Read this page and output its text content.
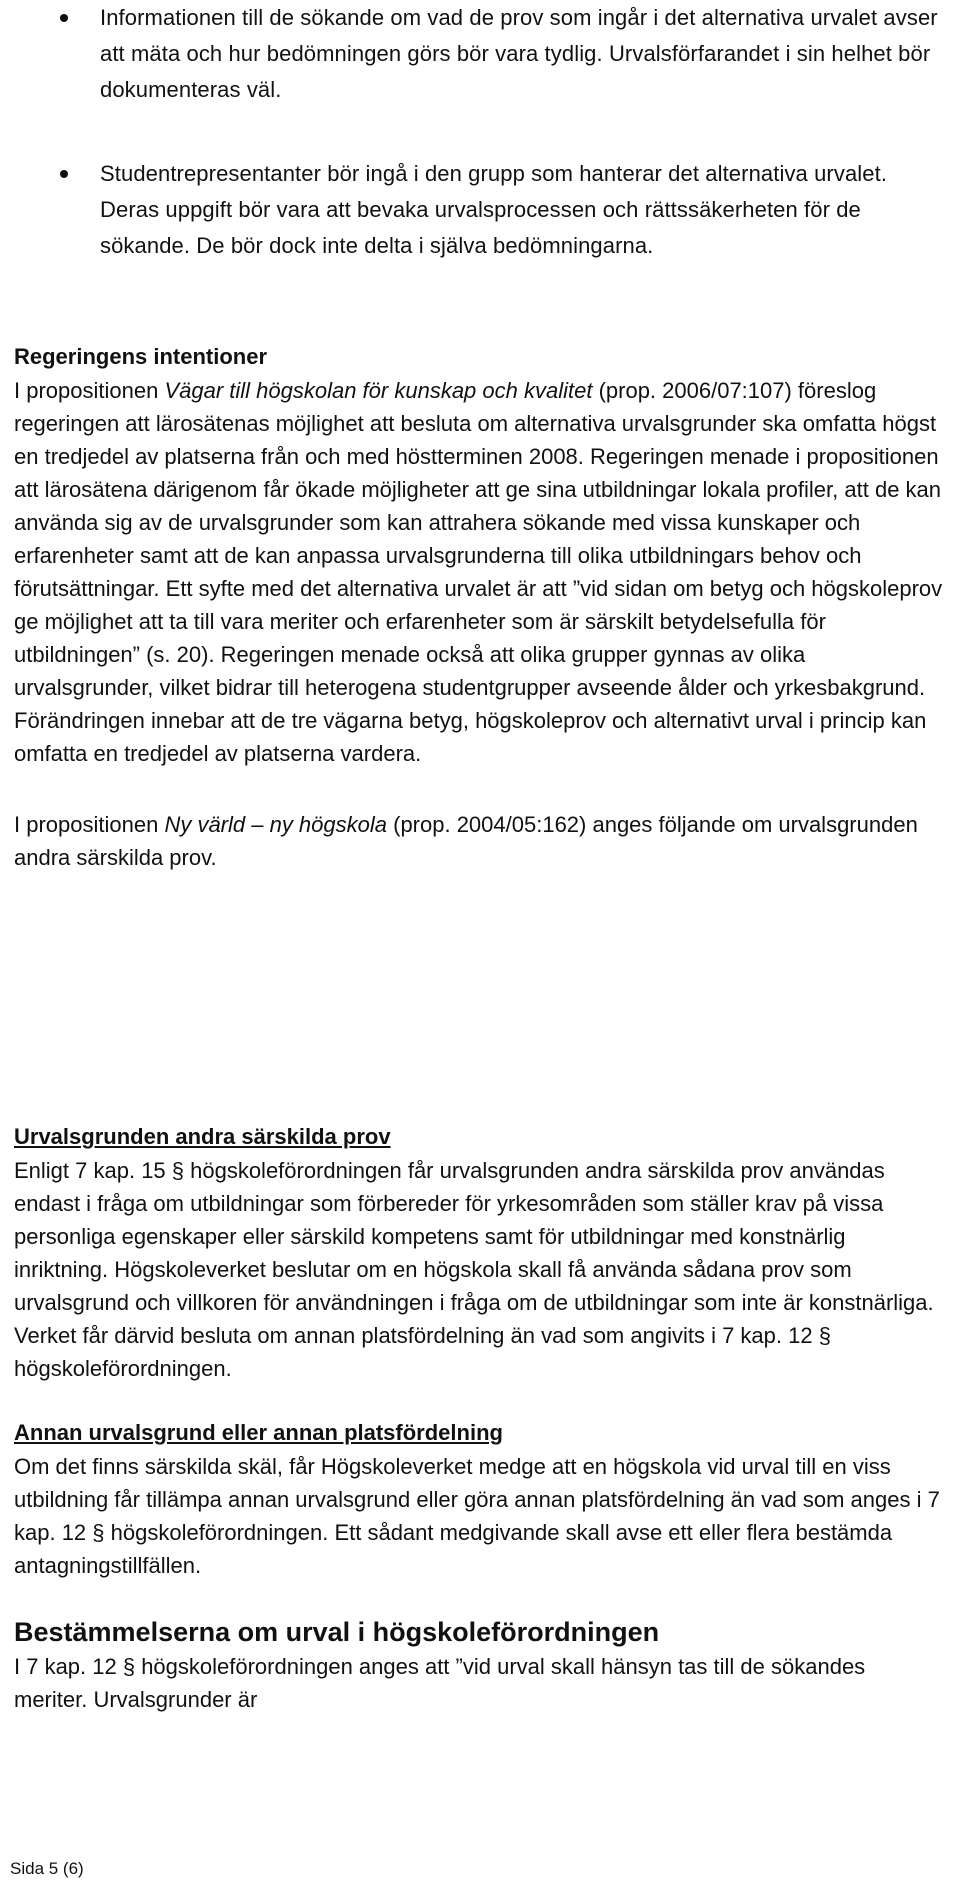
Informationen till de sökande om vad de prov som ingår i det alternativa urvalet avser att mäta och hur bedömningen görs bör vara tydlig. Urvalsförfarandet i sin helhet bör dokumenteras väl.
Studentrepresentanter bör ingå i den grupp som hanterar det alternativa urvalet. Deras uppgift bör vara att bevaka urvalsprocessen och rättssäkerheten för de sökande. De bör dock inte delta i själva bedömningarna.
Regeringens intentioner
I propositionen Vägar till högskolan för kunskap och kvalitet (prop. 2006/07:107) föreslog regeringen att lärosätenas möjlighet att besluta om alternativa urvalsgrunder ska omfatta högst en tredjedel av platserna från och med höstterminen 2008. Regeringen menade i propositionen att lärosätena därigenom får ökade möjligheter att ge sina utbildningar lokala profiler, att de kan använda sig av de urvalsgrunder som kan attrahera sökande med vissa kunskaper och erfarenheter samt att de kan anpassa urvalsgrunderna till olika utbildningars behov och förutsättningar. Ett syfte med det alternativa urvalet är att ”vid sidan om betyg och högskoleprov ge möjlighet att ta till vara meriter och erfarenheter som är särskilt betydelsefulla för utbildningen” (s. 20). Regeringen menade också att olika grupper gynnas av olika urvalsgrunder, vilket bidrar till heterogena studentgrupper avseende ålder och yrkesbakgrund. Förändringen innebar att de tre vägarna betyg, högskoleprov och alternativt urval i princip kan omfatta en tredjedel av platserna vardera.
I propositionen Ny värld – ny högskola (prop. 2004/05:162) anges följande om urvalsgrunden andra särskilda prov.
Urvalsgrunden andra särskilda prov
Enligt 7 kap. 15 § högskoleförordningen får urvalsgrunden andra särskilda prov användas endast i fråga om utbildningar som förbereder för yrkesområden som ställer krav på vissa personliga egenskaper eller särskild kompetens samt för utbildningar med konstnärlig inriktning. Högskoleverket beslutar om en högskola skall få använda sådana prov som urvalsgrund och villkoren för användningen i fråga om de utbildningar som inte är konstnärliga. Verket får därvid besluta om annan platsfördelning än vad som angivits i 7 kap. 12 § högskoleförordningen.
Annan urvalsgrund eller annan platsfördelning
Om det finns särskilda skäl, får Högskoleverket medge att en högskola vid urval till en viss utbildning får tillämpa annan urvalsgrund eller göra annan platsfördelning än vad som anges i 7 kap. 12 § högskoleförordningen. Ett sådant medgivande skall avse ett eller flera bestämda antagningstillfällen.
Bestämmelserna om urval i högskoleförordningen
I 7 kap. 12 § högskoleförordningen anges att ”vid urval skall hänsyn tas till de sökandes meriter. Urvalsgrunder är
Sida 5 (6)
